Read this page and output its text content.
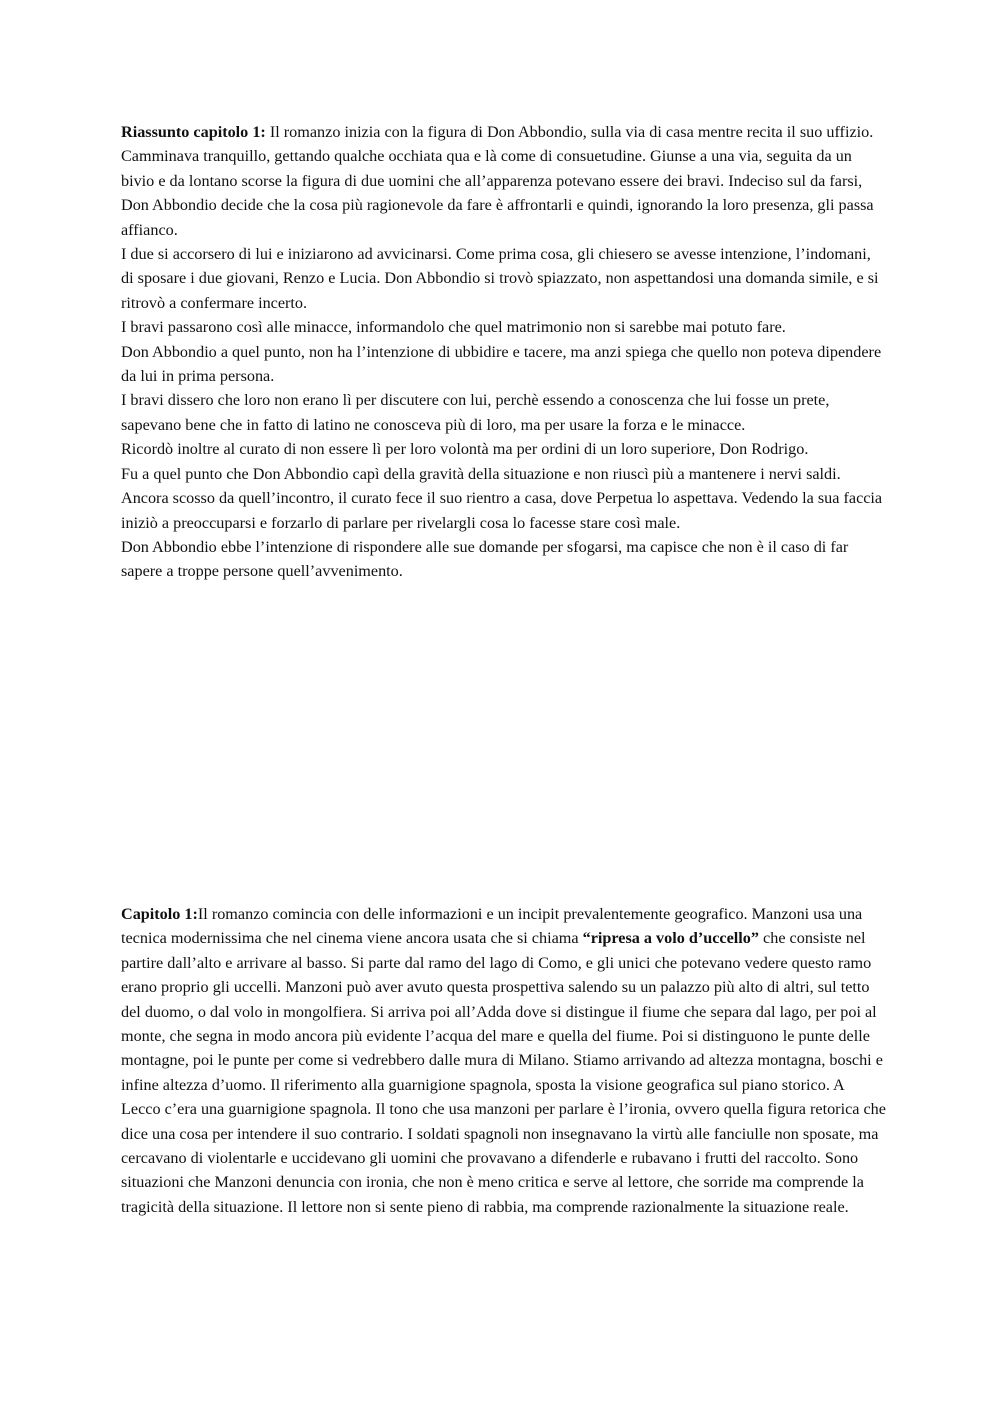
Riassunto capitolo 1: Il romanzo inizia con la figura di Don Abbondio, sulla via di casa mentre recita il suo uffizio. Camminava tranquillo, gettando qualche occhiata qua e là come di consuetudine. Giunse a una via, seguita da un bivio e da lontano scorse la figura di due uomini che all’apparenza potevano essere dei bravi. Indeciso sul da farsi, Don Abbondio decide che la cosa più ragionevole da fare è affrontarli e quindi, ignorando la loro presenza, gli passa affianco.

I due si accorsero di lui e iniziarono ad avvicinarsi. Come prima cosa, gli chiesero se avesse intenzione, l’indomani, di sposare i due giovani, Renzo e Lucia. Don Abbondio si trovò spiazzato, non aspettandosi una domanda simile, e si ritrovò a confermare incerto.

I bravi passarono così alle minacce, informandolo che quel matrimonio non si sarebbe mai potuto fare.

Don Abbondio a quel punto, non ha l’intenzione di ubbidire e tacere, ma anzi spiega che quello non poteva dipendere da lui in prima persona.

I bravi dissero che loro non erano lì per discutere con lui, perchè essendo a conoscenza che lui fosse un prete, sapevano bene che in fatto di latino ne conosceva più di loro, ma per usare la forza e le minacce.

Ricordò inoltre al curato di non essere lì per loro volontà ma per ordini di un loro superiore, Don Rodrigo.

Fu a quel punto che Don Abbondio capì della gravità della situazione e non riuscì più a mantenere i nervi saldi.

Ancora scosso da quell’incontro, il curato fece il suo rientro a casa, dove Perpetua lo aspettava. Vedendo la sua faccia iniziò a preoccuparsi e forzarlo di parlare per rivelargli cosa lo facesse stare così male.

Don Abbondio ebbe l’intenzione di rispondere alle sue domande per sfogarsi, ma capisce che non è il caso di far sapere a troppe persone quell’avvenimento.

Capitolo 1:Il romanzo comincia con delle informazioni e un incipit prevalentemente geografico. Manzoni usa una tecnica modernissima che nel cinema viene ancora usata che si chiama “ripresa a volo d’uccello” che consiste nel partire dall’alto e arrivare al basso. Si parte dal ramo del lago di Como, e gli unici che potevano vedere questo ramo erano proprio gli uccelli. Manzoni può aver avuto questa prospettiva salendo su un palazzo più alto di altri, sul tetto del duomo, o dal volo in mongolfiera. Si arriva poi all’Adda dove si distingue il fiume che separa dal lago, per poi al monte, che segna in modo ancora più evidente l’acqua del mare e quella del fiume. Poi si distinguono le punte delle montagne, poi le punte per come si vedrebbero dalle mura di Milano. Stiamo arrivando ad altezza montagna, boschi e infine altezza d’uomo. Il riferimento alla guarnigione spagnola, sposta la visione geografica sul piano storico. A Lecco c’era una guarnigione spagnola. Il tono che usa manzoni per parlare è l’ironia, ovvero quella figura retorica che dice una cosa per intendere il suo contrario. I soldati spagnoli non insegnavano la virtù alle fanciulle non sposate, ma cercavano di violentarle e uccidevano gli uomini che provavano a difenderle e rubavano i frutti del raccolto. Sono situazioni che Manzoni denuncia con ironia, che non è meno critica e serve al lettore, che sorride ma comprende la tragicità della situazione. Il lettore non si sente pieno di rabbia, ma comprende razionalmente la situazione reale.
